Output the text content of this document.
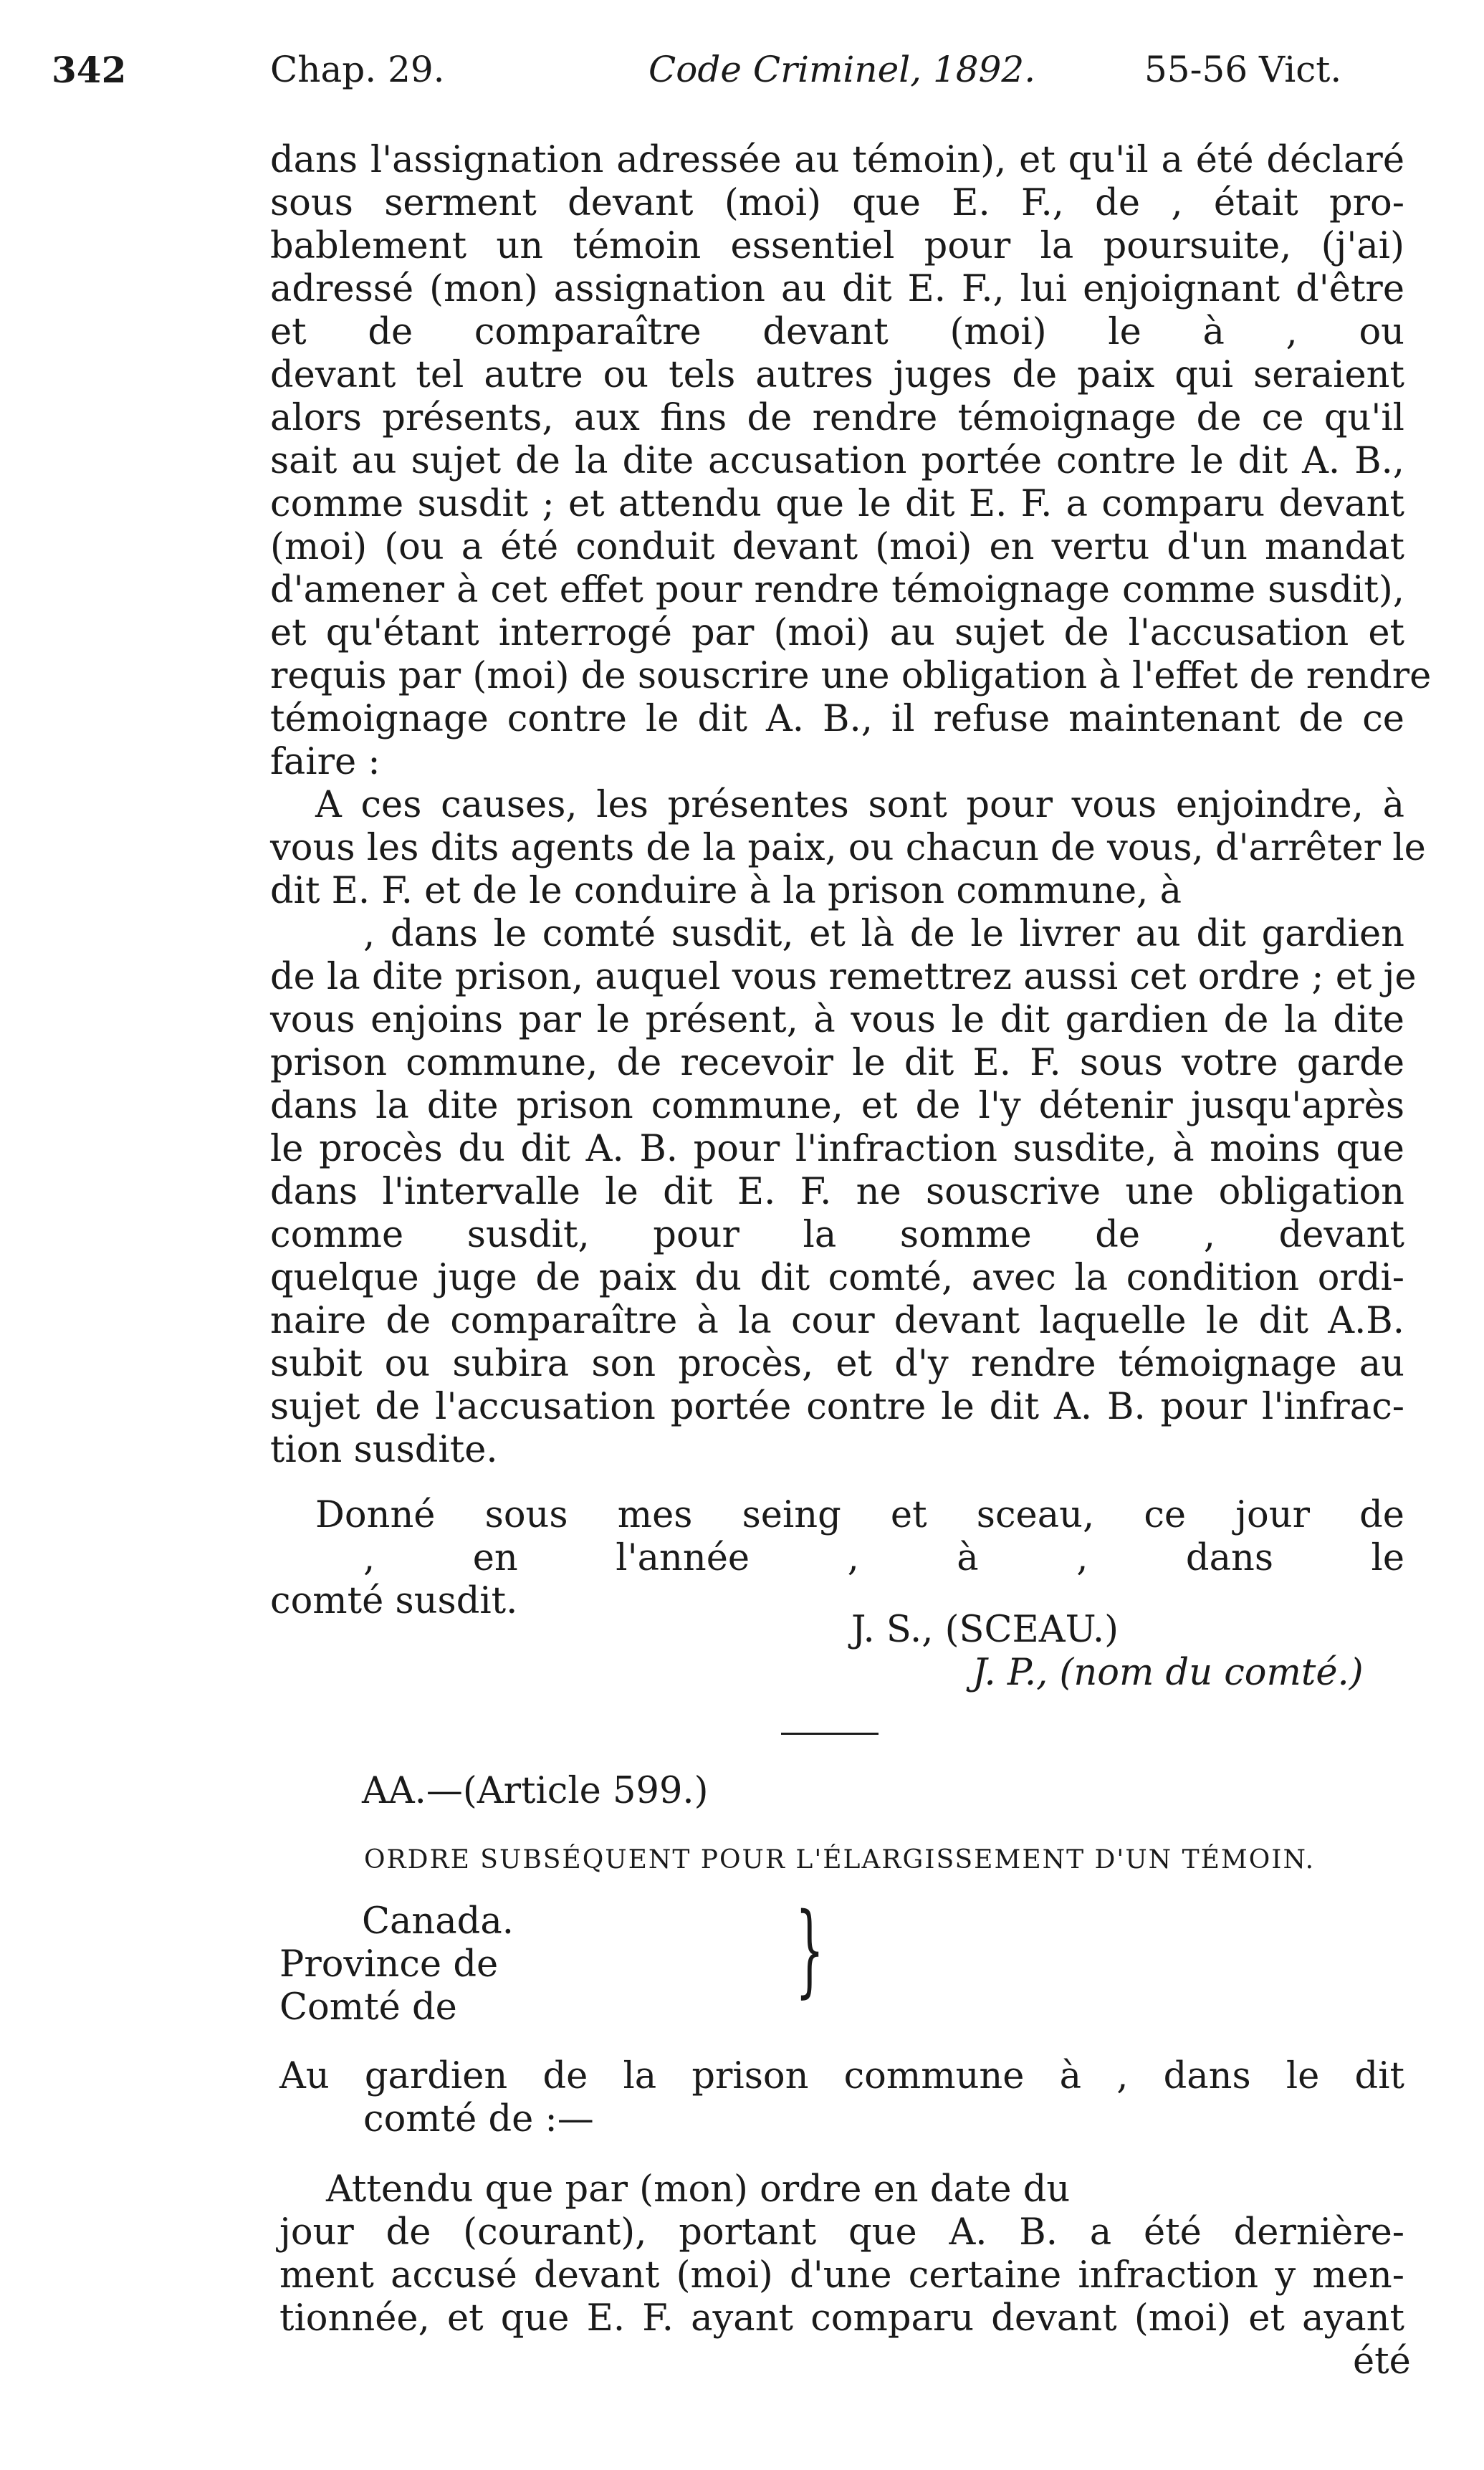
342	Chap. 29.	Code Criminel, 1892.	55-56 Vict.
dans l'assignation adressée au témoin), et qu'il a été déclaré
sous serment devant (moi) que E. F., de , était pro-
bablement un témoin essentiel pour la poursuite, (j'ai)
adressé (mon) assignation au dit E. F., lui enjoignant d'être
et de comparaître devant (moi) le à , ou
devant tel autre ou tels autres juges de paix qui seraient
alors présents, aux fins de rendre témoignage de ce qu'il
sait au sujet de la dite accusation portée contre le dit A. B.,
comme susdit ; et attendu que le dit E. F. a comparu devant
(moi) (ou a été conduit devant (moi) en vertu d'un mandat
d'amener à cet effet pour rendre témoignage comme susdit),
et qu'étant interrogé par (moi) au sujet de l'accusation et
requis par (moi) de souscrire une obligation à l'effet de rendre
témoignage contre le dit A. B., il refuse maintenant de ce
faire :
A ces causes, les présentes sont pour vous enjoindre, à
vous les dits agents de la paix, ou chacun de vous, d'arrêter le
dit E. F. et de le conduire à la prison commune, à
, dans le comté susdit, et là de le livrer au dit gardien
de la dite prison, auquel vous remettrez aussi cet ordre ; et je
vous enjoins par le présent, à vous le dit gardien de la dite
prison commune, de recevoir le dit E. F. sous votre garde
dans la dite prison commune, et de l'y détenir jusqu'après
le procès du dit A. B. pour l'infraction susdite, à moins que
dans l'intervalle le dit E. F. ne souscrive une obligation
comme susdit, pour la somme de , devant
quelque juge de paix du dit comté, avec la condition ordi-
naire de comparaître à la cour devant laquelle le dit A.B.
subit ou subira son procès, et d'y rendre témoignage au
sujet de l'accusation portée contre le dit A. B. pour l'infrac-
tion susdite.
Donné sous mes seing et sceau, ce jour de
, en l'année , à , dans le
comté susdit.
J. S., (SCEAU.)
J. P., (nom du comté.)
AA.—(Article 599.)
ORDRE SUBSÉQUENT POUR L'ÉLARGISSEMENT D'UN TÉMOIN.
Canada.
Province de
Comté de	}
Au gardien de la prison commune à , dans le dit
comté de :—
Attendu que par (mon) ordre en date du
jour de (courant), portant que A. B. a été dernière-
ment accusé devant (moi) d'une certaine infraction y men-
tionnée, et que E. F. ayant comparu devant (moi) et ayant
été
